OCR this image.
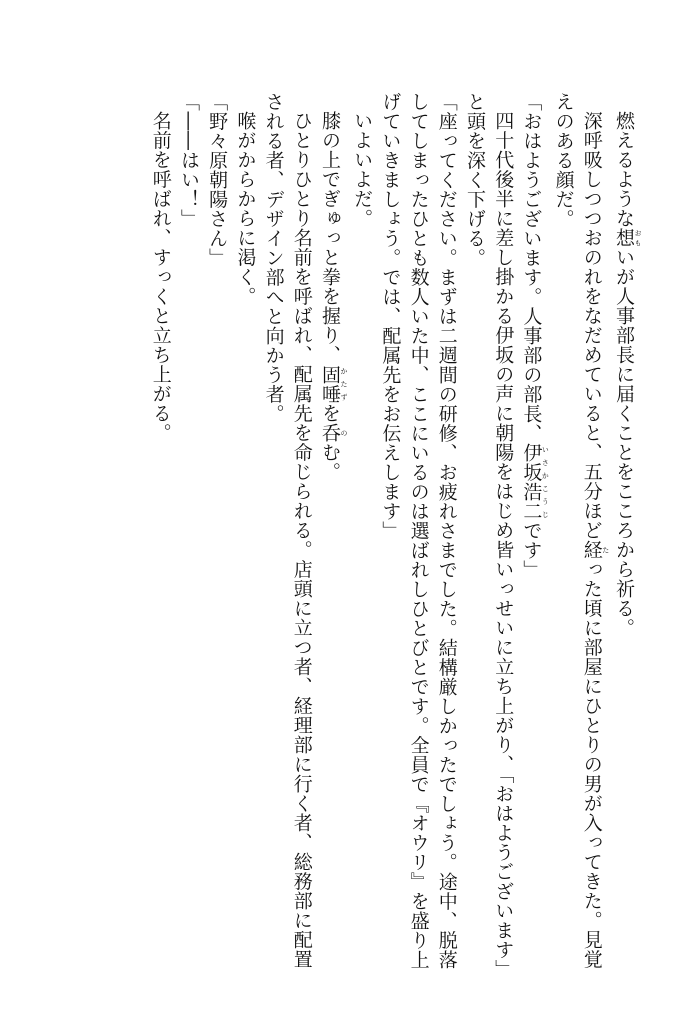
燃えるような想 おもいが人事部長に届くことをこころから祈る。

深呼吸しつつおのれをなだめていると、五分ほど経 たった頃に部屋にひとりの男が入ってきた。見覚えのある顔だ。

「おはようございます。人事部の部長、伊坂浩二 いさかこうじです」

四十代後半に差し掛かる伊坂の声に朝陽をはじめ皆いっせいに立ち上がり、「おはようございます」と頭を深く下げる。

「座ってください。まずは二週間の研修、お疲れさまでした。結構厳しかったでしょう。途中、脱落してしまったひとも数人いた中、ここにいるのは選ばれしひとびとです。全員で『オウリ』を盛り上げていきましょう。では、配属先をお伝えします」

いよいよだ。

膝の上でぎゅっと拳を握り、固唾 かたずを呑 のむ。

ひとりひとり名前を呼ばれ、配属先を命じられる。店頭に立つ者、経理部に行く者、総務部に配置される者、デザイン部へと向かう者。

喉がからからに渇く。

「野々原朝陽さん」

「――はい！」

名前を呼ばれ、すっくと立ち上がる。
